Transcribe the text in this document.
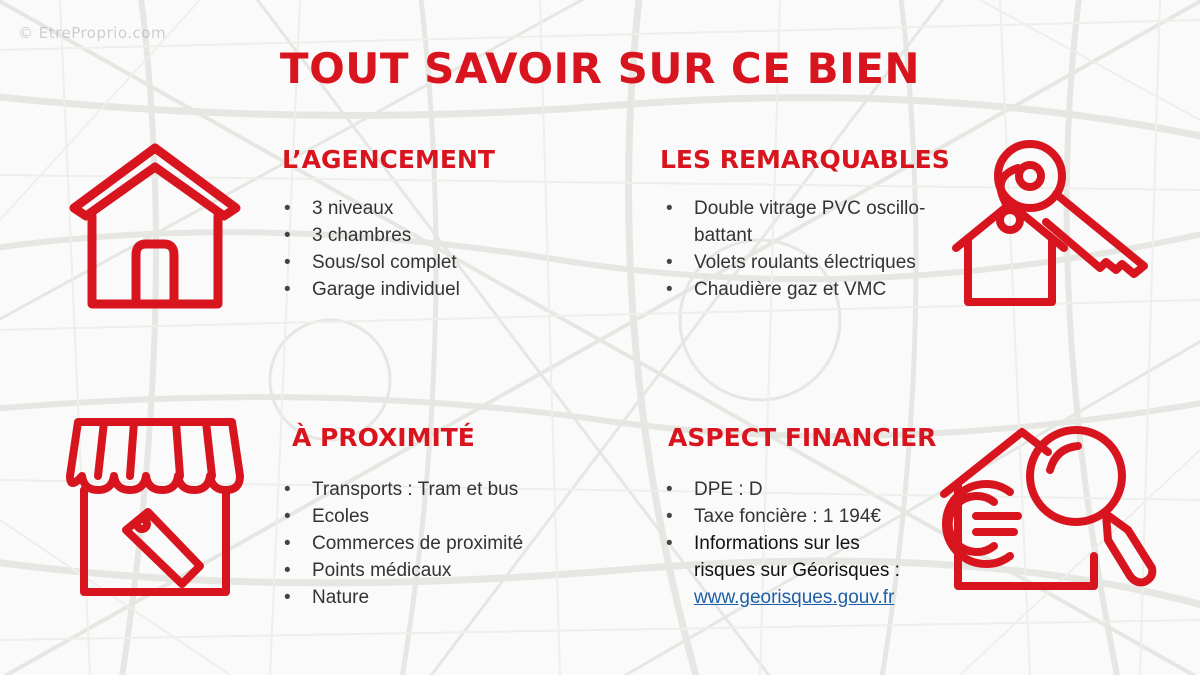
© EtreProprio.com
TOUT SAVOIR SUR CE BIEN
L’AGENCEMENT
• 3 niveaux
• 3 chambres
• Sous/sol complet
• Garage individuel
LES REMARQUABLES
• Double vitrage PVC oscillo-battant
• Volets roulants électriques
• Chaudière gaz et VMC
À PROXIMITÉ
• Transports : Tram et bus
• Ecoles
• Commerces de proximité
• Points médicaux
• Nature
ASPECT FINANCIER
• DPE : D
• Taxe foncière : 1 194€
• Informations sur les risques sur Géorisques :
www.georisques.gouv.fr
